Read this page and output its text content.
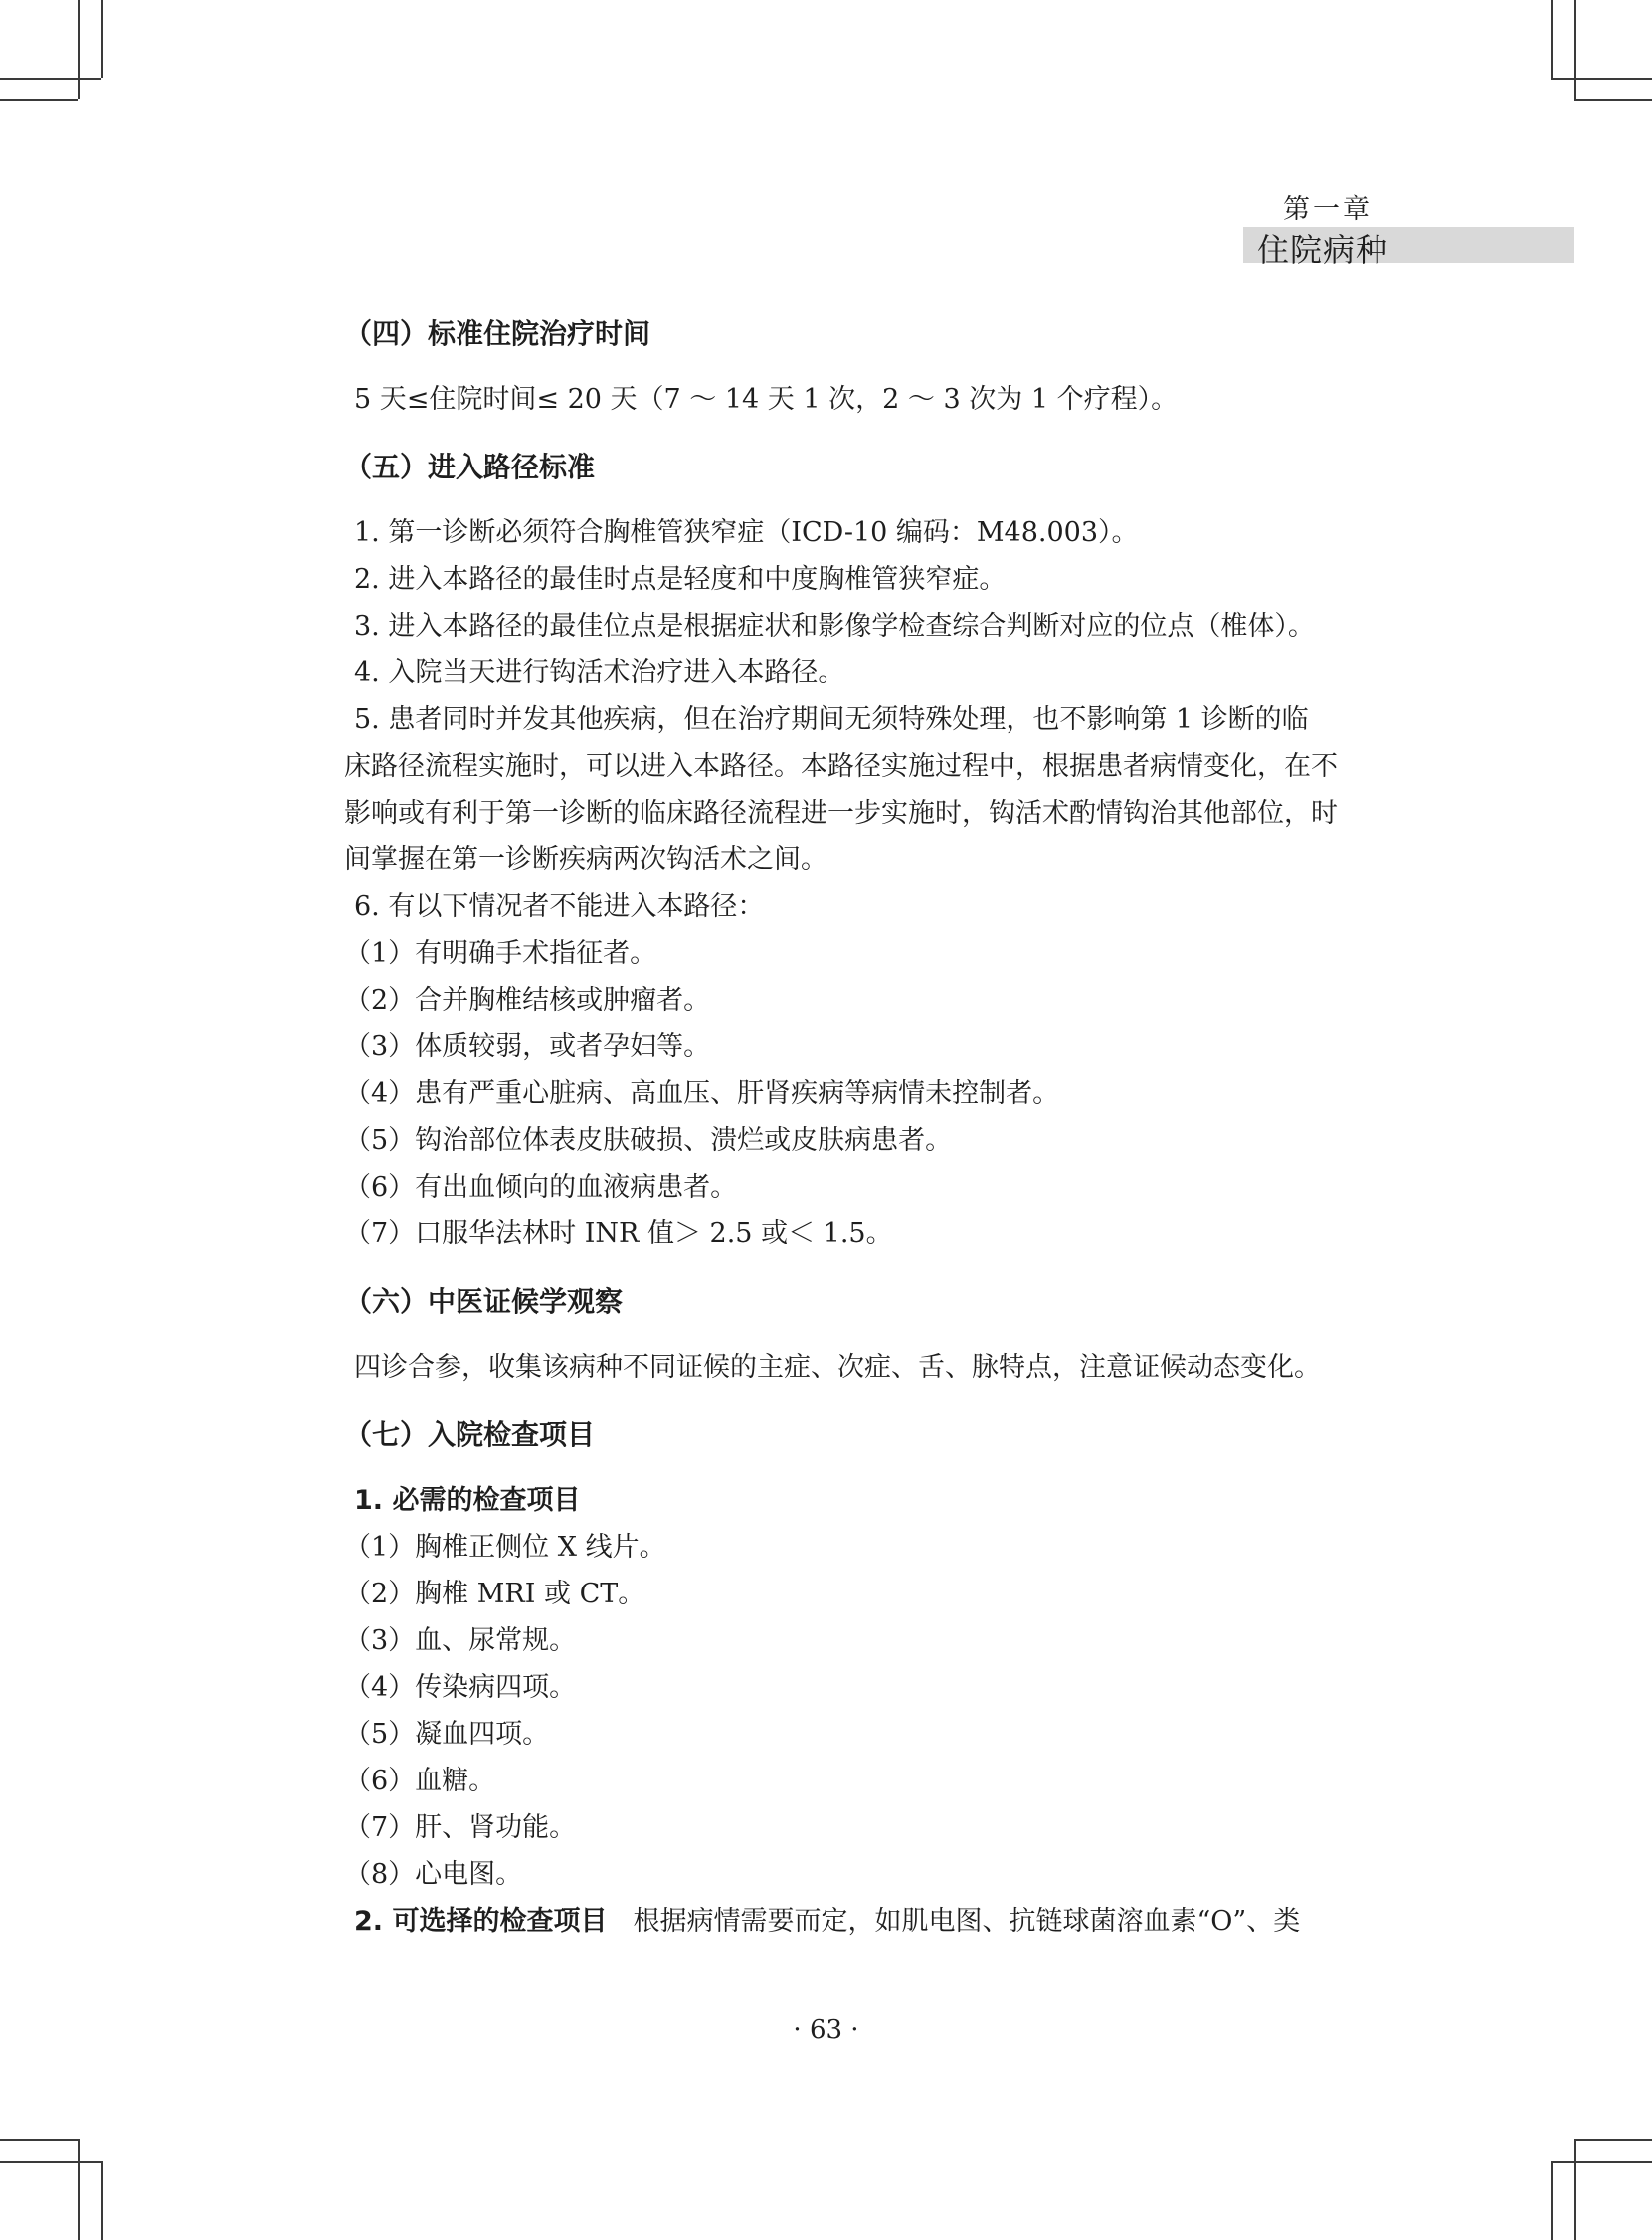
第一章
住院病种
（四）标准住院治疗时间
5 天≤住院时间≤ 20 天（7 ～ 14 天 1 次，2 ～ 3 次为 1 个疗程）。
（五）进入路径标准
1. 第一诊断必须符合胸椎管狭窄症（ICD-10 编码：M48.003）。
2. 进入本路径的最佳时点是轻度和中度胸椎管狭窄症。
3. 进入本路径的最佳位点是根据症状和影像学检查综合判断对应的位点（椎体）。
4. 入院当天进行钩活术治疗进入本路径。
5. 患者同时并发其他疾病，但在治疗期间无须特殊处理，也不影响第 1 诊断的临
床路径流程实施时，可以进入本路径。本路径实施过程中，根据患者病情变化，在不
影响或有利于第一诊断的临床路径流程进一步实施时，钩活术酌情钩治其他部位，时
间掌握在第一诊断疾病两次钩活术之间。
6. 有以下情况者不能进入本路径：
（1）有明确手术指征者。
（2）合并胸椎结核或肿瘤者。
（3）体质较弱，或者孕妇等。
（4）患有严重心脏病、高血压、肝肾疾病等病情未控制者。
（5）钩治部位体表皮肤破损、溃烂或皮肤病患者。
（6）有出血倾向的血液病患者。
（7）口服华法林时 INR 值＞ 2.5 或＜ 1.5。
（六）中医证候学观察
四诊合参，收集该病种不同证候的主症、次症、舌、脉特点，注意证候动态变化。
（七）入院检查项目
1. 必需的检查项目
（1）胸椎正侧位 X 线片。
（2）胸椎 MRI 或 CT。
（3）血、尿常规。
（4）传染病四项。
（5）凝血四项。
（6）血糖。
（7）肝、肾功能。
（8）心电图。
2. 可选择的检查项目 根据病情需要而定，如肌电图、抗链球菌溶血素“O”、类
· 63 ·
